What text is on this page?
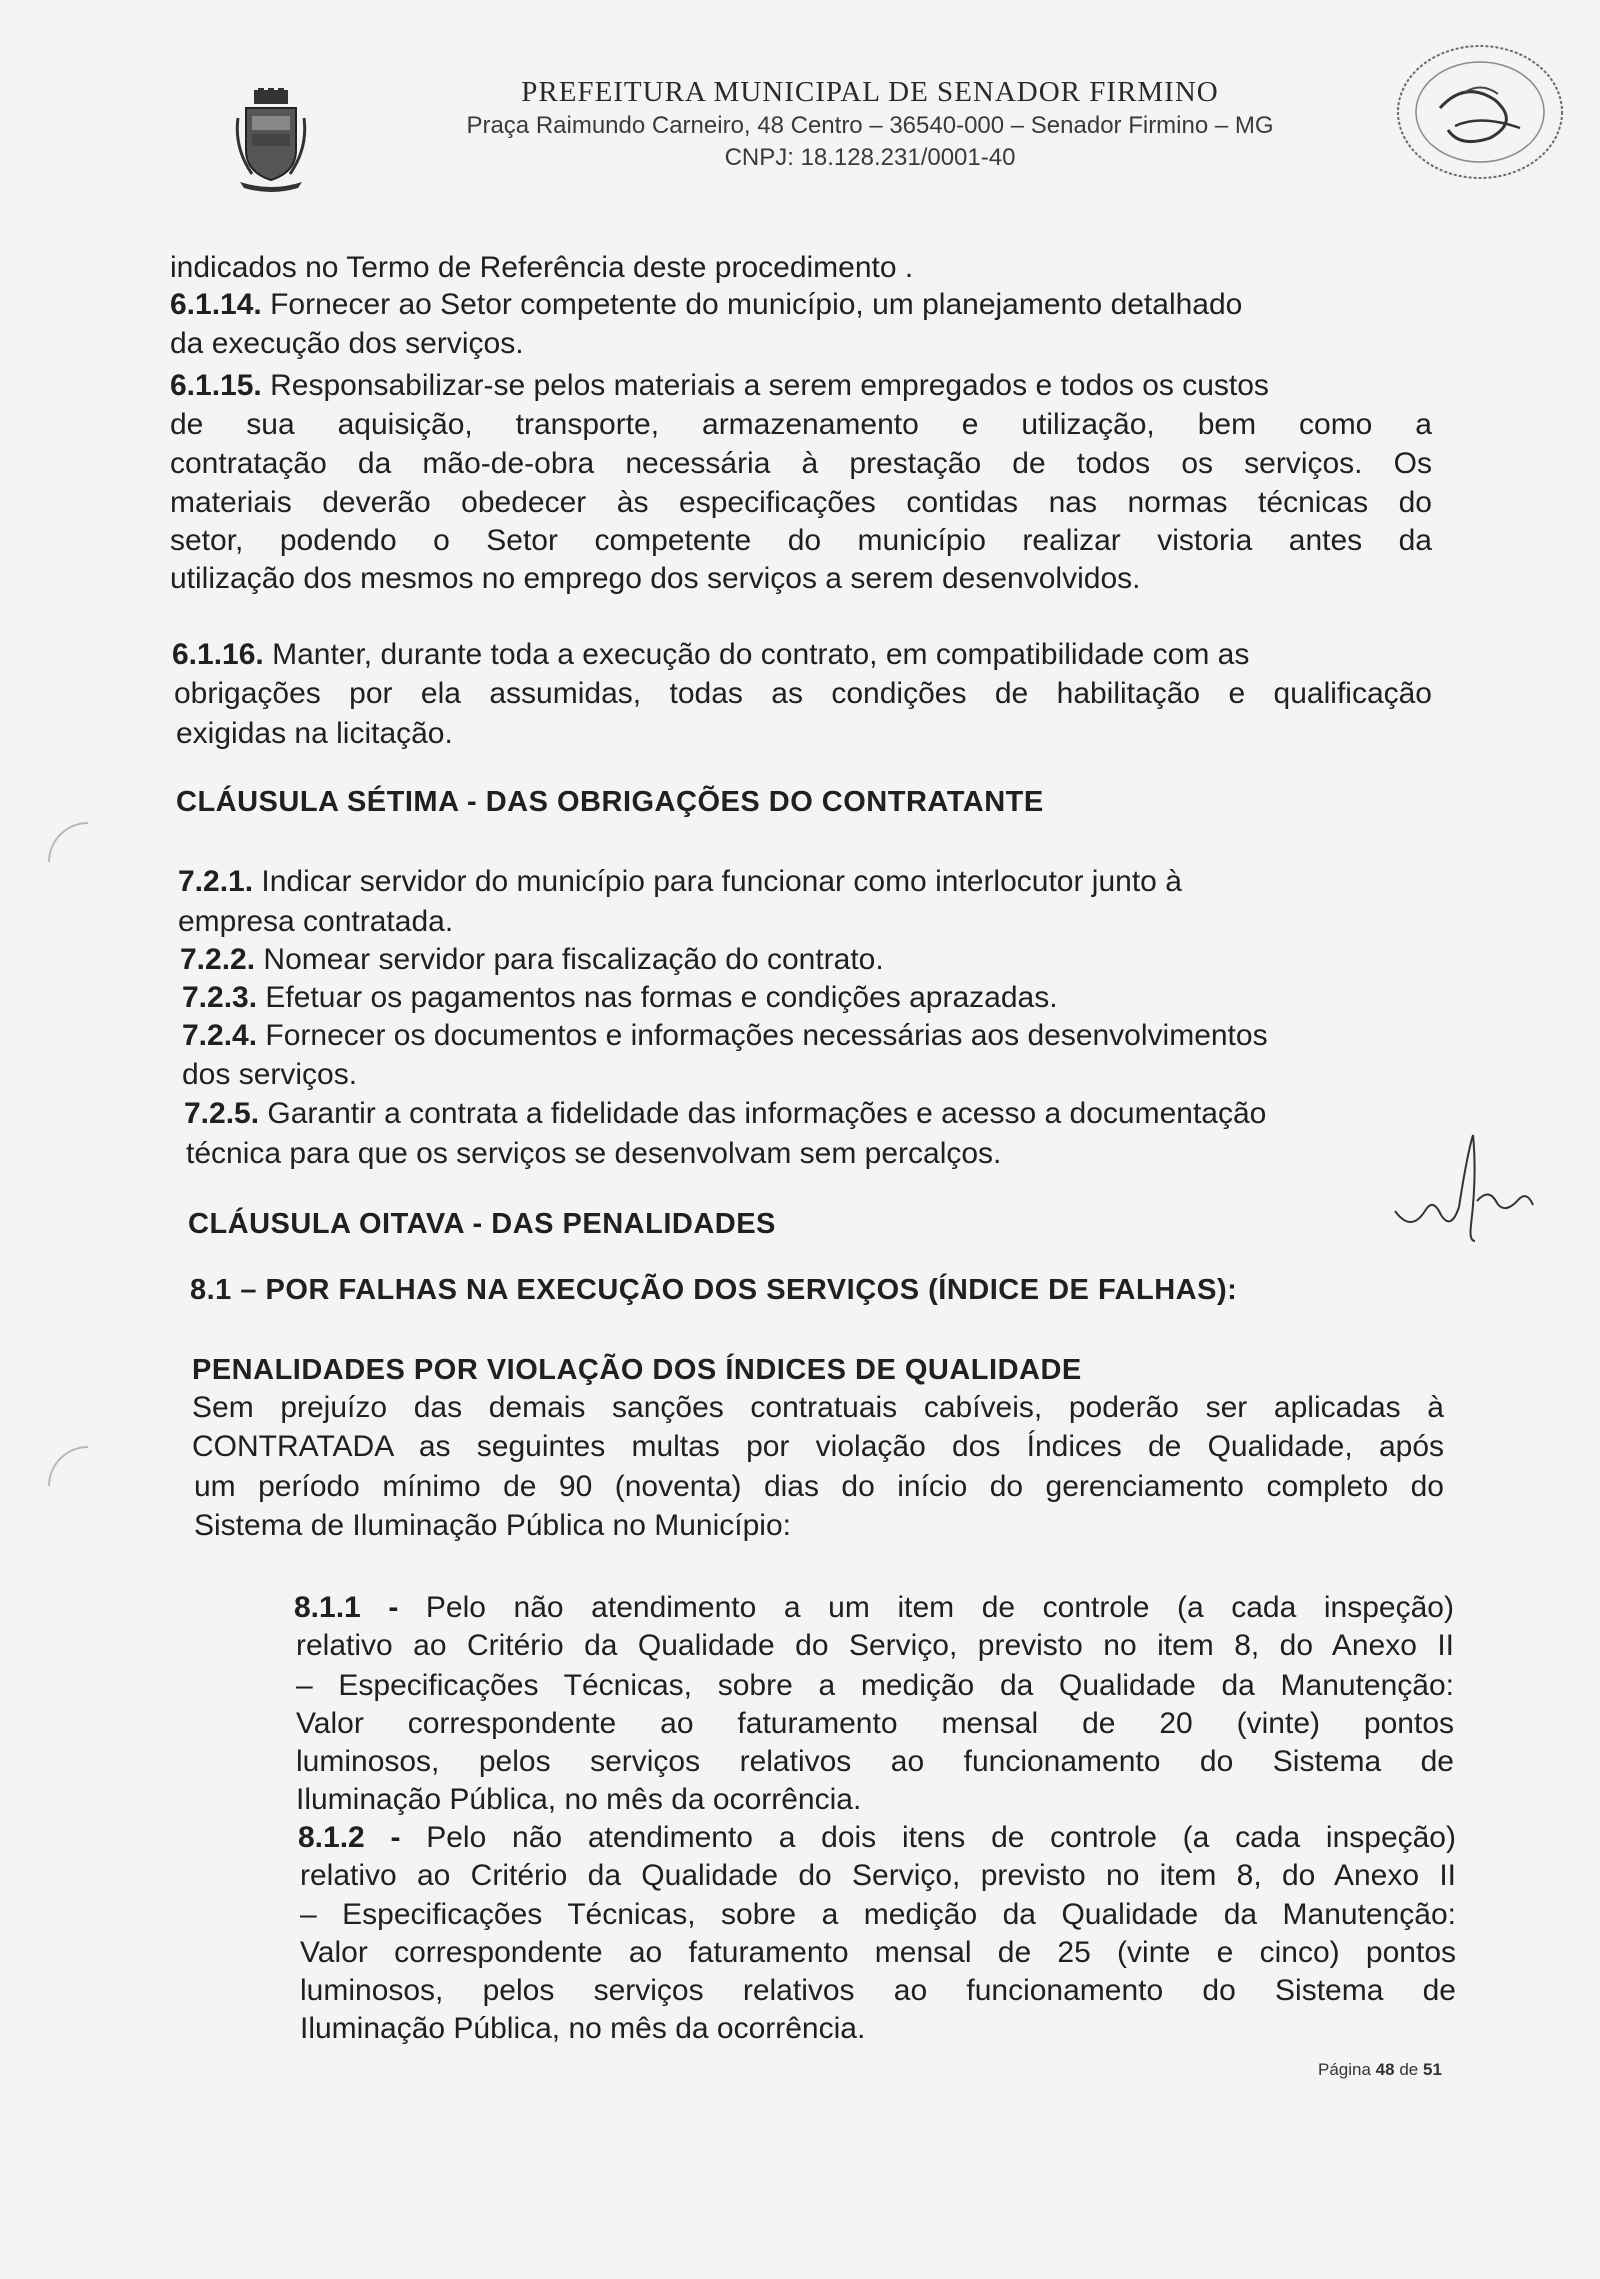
PREFEITURA MUNICIPAL DE SENADOR FIRMINO
Praça Raimundo Carneiro, 48 Centro – 36540-000 – Senador Firmino – MG
CNPJ: 18.128.231/0001-40
indicados no Termo de Referência deste procedimento .
6.1.14. Fornecer ao Setor competente do município, um planejamento detalhado
da execução dos serviços.
6.1.15. Responsabilizar-se pelos materiais a serem empregados e todos os custos
de sua aquisição, transporte, armazenamento e utilização, bem como a
contratação da mão-de-obra necessária à prestação de todos os serviços. Os
materiais deverão obedecer às especificações contidas nas normas técnicas do
setor, podendo o Setor competente do município realizar vistoria antes da
utilização dos mesmos no emprego dos serviços a serem desenvolvidos.
6.1.16. Manter, durante toda a execução do contrato, em compatibilidade com as
obrigações por ela assumidas, todas as condições de habilitação e qualificação
exigidas na licitação.
CLÁUSULA SÉTIMA - DAS OBRIGAÇÕES DO CONTRATANTE
7.2.1. Indicar servidor do município para funcionar como interlocutor junto à
empresa contratada.
7.2.2. Nomear servidor para fiscalização do contrato.
7.2.3. Efetuar os pagamentos nas formas e condições aprazadas.
7.2.4. Fornecer os documentos e informações necessárias aos desenvolvimentos
dos serviços.
7.2.5. Garantir a contrata a fidelidade das informações e acesso a documentação
técnica para que os serviços se desenvolvam sem percalços.
CLÁUSULA OITAVA - DAS PENALIDADES
8.1 – POR FALHAS NA EXECUÇÃO DOS SERVIÇOS (ÍNDICE DE FALHAS):
PENALIDADES POR VIOLAÇÃO DOS ÍNDICES DE QUALIDADE
Sem prejuízo das demais sanções contratuais cabíveis, poderão ser aplicadas à
CONTRATADA as seguintes multas por violação dos Índices de Qualidade, após
um período mínimo de 90 (noventa) dias do início do gerenciamento completo do
Sistema de Iluminação Pública no Município:
8.1.1 - Pelo não atendimento a um item de controle (a cada inspeção)
relativo ao Critério da Qualidade do Serviço, previsto no item 8, do Anexo II
– Especificações Técnicas, sobre a medição da Qualidade da Manutenção:
Valor correspondente ao faturamento mensal de 20 (vinte) pontos
luminosos, pelos serviços relativos ao funcionamento do Sistema de
Iluminação Pública, no mês da ocorrência.
8.1.2 - Pelo não atendimento a dois itens de controle (a cada inspeção)
relativo ao Critério da Qualidade do Serviço, previsto no item 8, do Anexo II
– Especificações Técnicas, sobre a medição da Qualidade da Manutenção:
Valor correspondente ao faturamento mensal de 25 (vinte e cinco) pontos
luminosos, pelos serviços relativos ao funcionamento do Sistema de
Iluminação Pública, no mês da ocorrência.
Página 48 de 51
